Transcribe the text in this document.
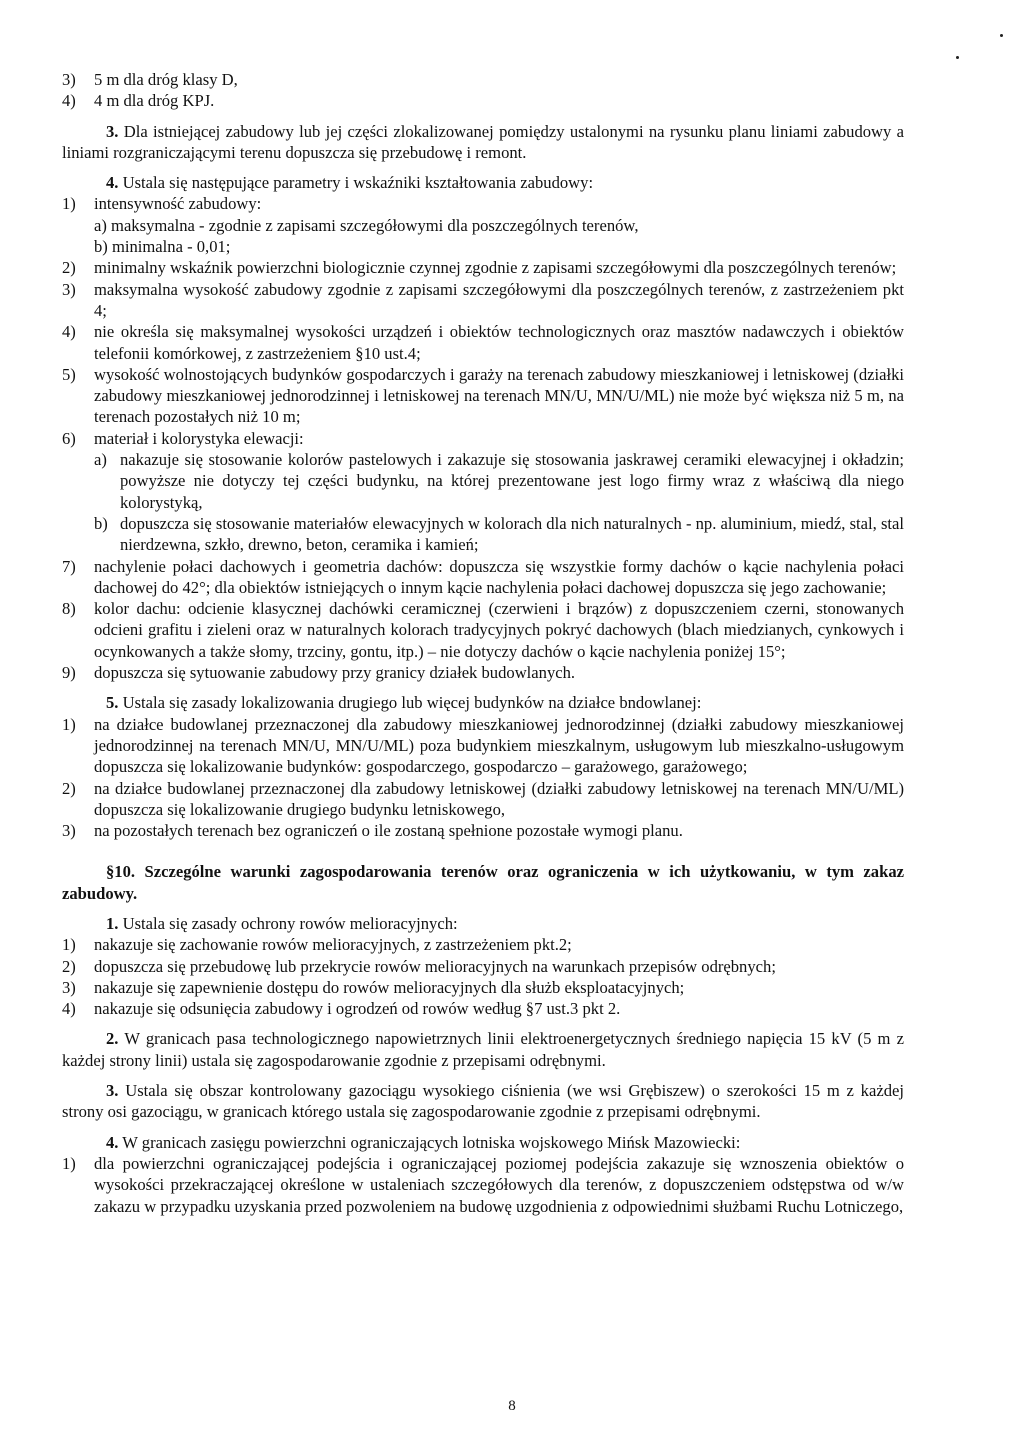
3)	5 m dla dróg klasy D,
4)	4 m dla dróg KPJ.
3. Dla istniejącej zabudowy lub jej części zlokalizowanej pomiędzy ustalonymi na rysunku planu liniami zabudowy a liniami rozgraniczającymi terenu dopuszcza się przebudowę i remont.
4. Ustala się następujące parametry i wskaźniki kształtowania zabudowy:
1)	intensywność zabudowy:
a) maksymalna - zgodnie z zapisami szczegółowymi dla poszczególnych terenów,
b) minimalna - 0,01;
2)	minimalny wskaźnik powierzchni biologicznie czynnej zgodnie z zapisami szczegółowymi dla poszczególnych terenów;
3)	maksymalna wysokość zabudowy zgodnie z zapisami szczegółowymi dla poszczególnych terenów, z zastrzeżeniem pkt 4;
4)	nie określa się maksymalnej wysokości urządzeń i obiektów technologicznych oraz masztów nadawczych i obiektów telefonii komórkowej, z zastrzeżeniem §10 ust.4;
5)	wysokość wolnostojących budynków gospodarczych i garaży na terenach zabudowy mieszkaniowej i letniskowej (działki zabudowy mieszkaniowej jednorodzinnej i letniskowej na terenach MN/U, MN/U/ML) nie może być większa niż 5 m, na terenach pozostałych niż 10 m;
6)	materiał i kolorystyka elewacji:
a) nakazuje się stosowanie kolorów pastelowych i zakazuje się stosowania jaskrawej ceramiki elewacyjnej i okładzin; powyższe nie dotyczy tej części budynku, na której prezentowane jest logo firmy wraz z właściwą dla niego kolorystyką,
b) dopuszcza się stosowanie materiałów elewacyjnych w kolorach dla nich naturalnych - np. aluminium, miedź, stal, stal nierdzewna, szkło, drewno, beton, ceramika i kamień;
7)	nachylenie połaci dachowych i geometria dachów: dopuszcza się wszystkie formy dachów o kącie nachylenia połaci dachowej do 42°; dla obiektów istniejących o innym kącie nachylenia połaci dachowej dopuszcza się jego zachowanie;
8)	kolor dachu: odcienie klasycznej dachówki ceramicznej (czerwieni i brązów) z dopuszczeniem czerni, stonowanych odcieni grafitu i zieleni oraz w naturalnych kolorach tradycyjnych pokryć dachowych (blach miedzianych, cynkowych i ocynkowanych a także słomy, trzciny, gontu, itp.) – nie dotyczy dachów o kącie nachylenia poniżej 15°;
9)	dopuszcza się sytuowanie zabudowy przy granicy działek budowlanych.
5. Ustala się zasady lokalizowania drugiego lub więcej budynków na działce bndowlanej:
1)	na działce budowlanej przeznaczonej dla zabudowy mieszkaniowej jednorodzinnej (działki zabudowy mieszkaniowej jednorodzinnej na terenach MN/U, MN/U/ML) poza budynkiem mieszkalnym, usługowym lub mieszkalno-usługowym dopuszcza się lokalizowanie budynków: gospodarczego, gospodarczo – garażowego, garażowego;
2)	na działce budowlanej przeznaczonej dla zabudowy letniskowej (działki zabudowy letniskowej na terenach MN/U/ML) dopuszcza się lokalizowanie drugiego budynku letniskowego,
3)	na pozostałych terenach bez ograniczeń o ile zostaną spełnione pozostałe wymogi planu.
§10. Szczególne warunki zagospodarowania terenów oraz ograniczenia w ich użytkowaniu, w tym zakaz zabudowy.
1. Ustala się zasady ochrony rowów melioracyjnych:
1)	nakazuje się zachowanie rowów melioracyjnych, z zastrzeżeniem pkt.2;
2)	dopuszcza się przebudowę lub przekrycie rowów melioracyjnych na warunkach przepisów odrębnych;
3)	nakazuje się zapewnienie dostępu do rowów melioracyjnych dla służb eksploatacyjnych;
4)	nakazuje się odsunięcia zabudowy i ogrodzeń od rowów według §7 ust.3 pkt 2.
2. W granicach pasa technologicznego napowietrznych linii elektroenergetycznych średniego napięcia 15 kV (5 m z każdej strony linii) ustala się zagospodarowanie zgodnie z przepisami odrębnymi.
3. Ustala się obszar kontrolowany gazociągu wysokiego ciśnienia (we wsi Grębiszew) o szerokości 15 m z każdej strony osi gazociągu, w granicach którego ustala się zagospodarowanie zgodnie z przepisami odrębnymi.
4. W granicach zasięgu powierzchni ograniczających lotniska wojskowego Mińsk Mazowiecki:
1)	dla powierzchni ograniczającej podejścia i ograniczającej poziomej podejścia zakazuje się wznoszenia obiektów o wysokości przekraczającej określone w ustaleniach szczegółowych dla terenów, z dopuszczeniem odstępstwa od w/w zakazu w przypadku uzyskania przed pozwoleniem na budowę uzgodnienia z odpowiednimi służbami Ruchu Lotniczego,
8
